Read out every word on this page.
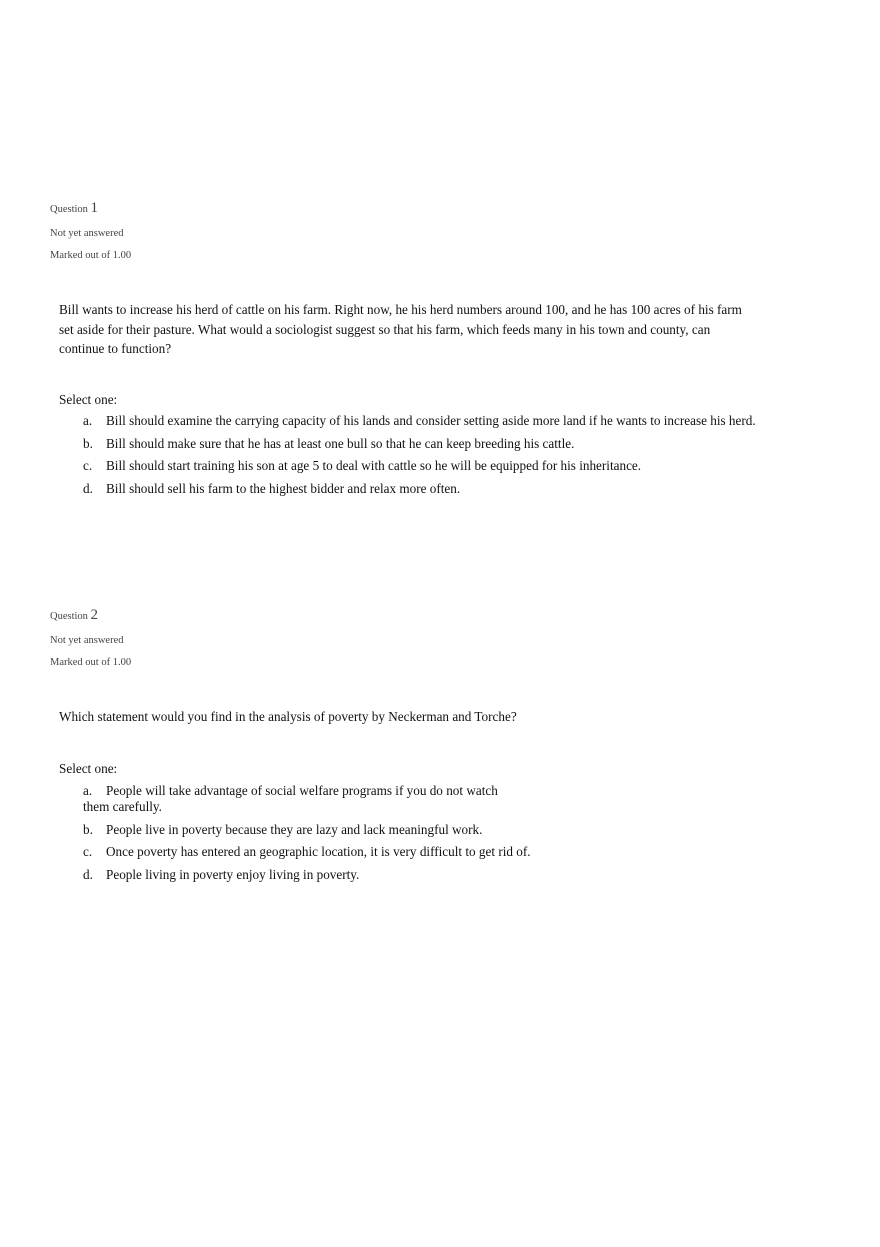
Question 1
Not yet answered
Marked out of 1.00
Bill wants to increase his herd of cattle on his farm. Right now, he his herd numbers around 100, and he has 100 acres of his farm set aside for their pasture. What would a sociologist suggest so that his farm, which feeds many in his town and county, can continue to function?
Select one:
a. Bill should examine the carrying capacity of his lands and consider setting aside more land if he wants to increase his herd.
b. Bill should make sure that he has at least one bull so that he can keep breeding his cattle.
c. Bill should start training his son at age 5 to deal with cattle so he will be equipped for his inheritance.
d. Bill should sell his farm to the highest bidder and relax more often.
Question 2
Not yet answered
Marked out of 1.00
Which statement would you find in the analysis of poverty by Neckerman and Torche?
Select one:
a. People will take advantage of social welfare programs if you do not watch them carefully.
b. People live in poverty because they are lazy and lack meaningful work.
c. Once poverty has entered an geographic location, it is very difficult to get rid of.
d. People living in poverty enjoy living in poverty.
